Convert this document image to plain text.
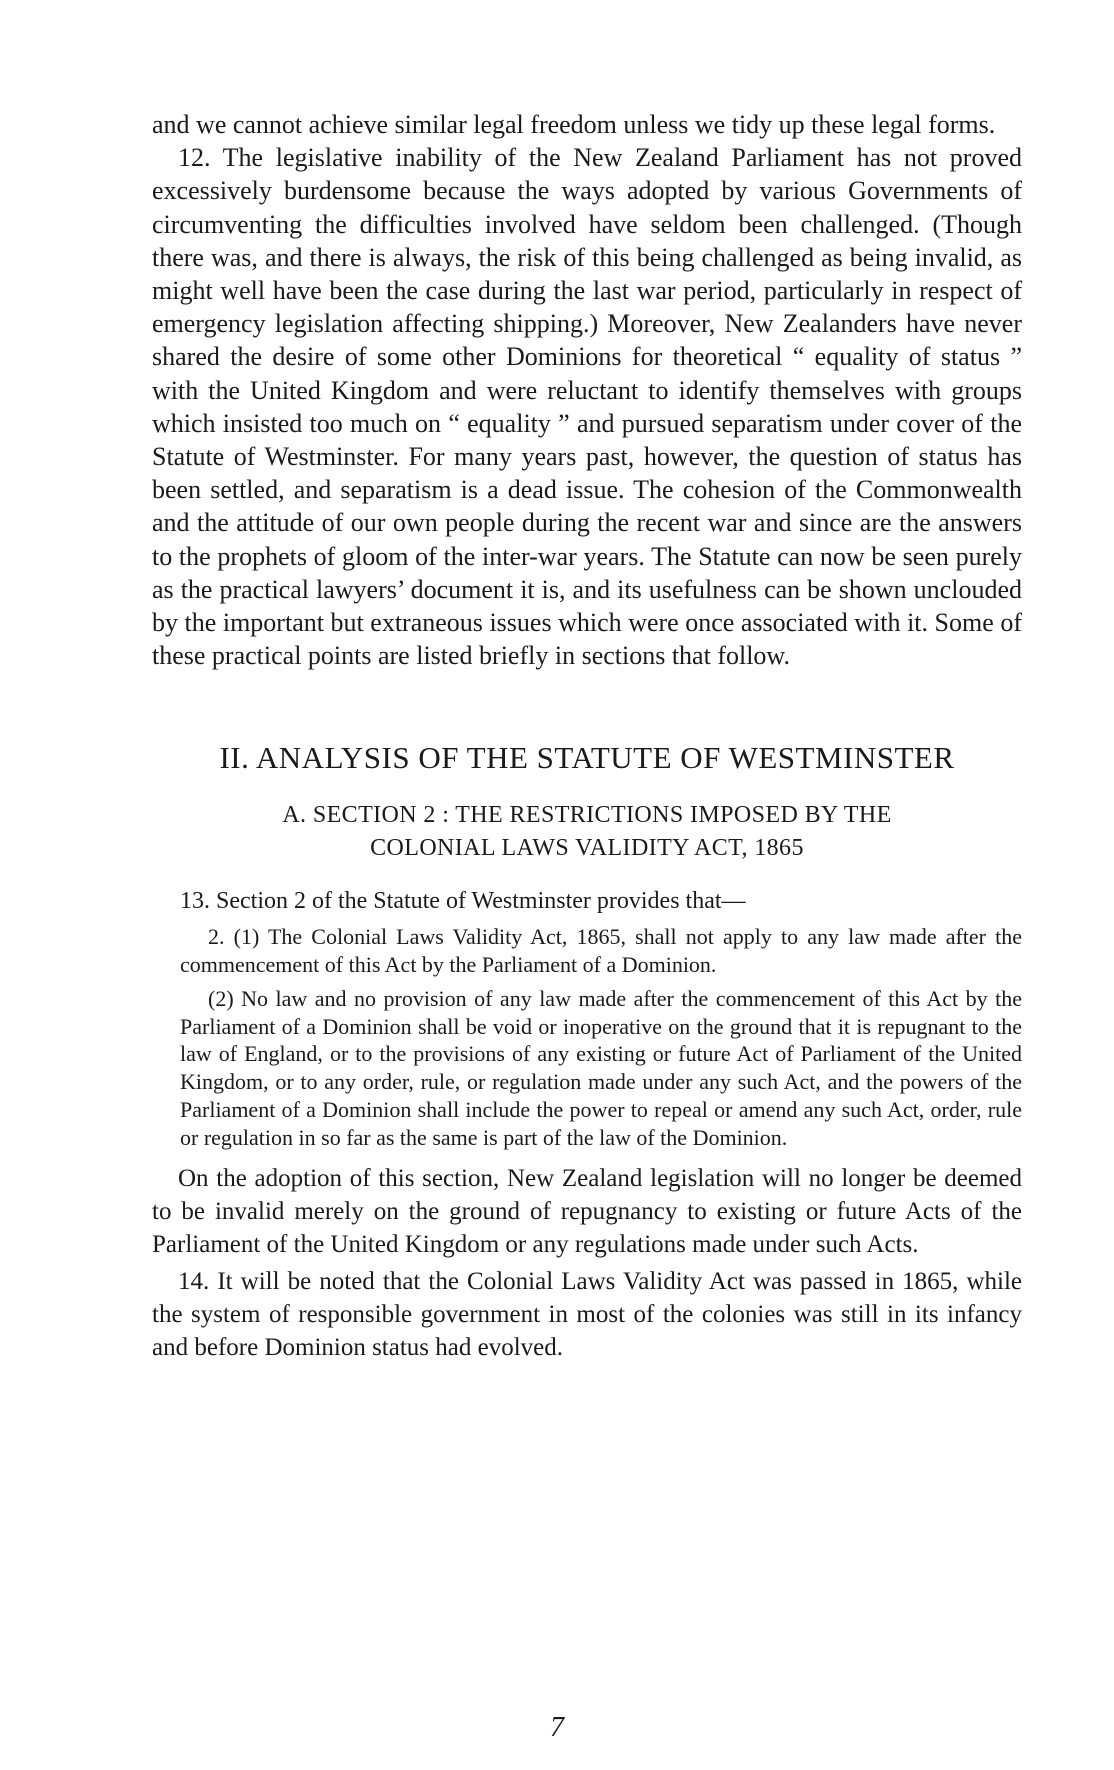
and we cannot achieve similar legal freedom unless we tidy up these legal forms.

12. The legislative inability of the New Zealand Parliament has not proved excessively burdensome because the ways adopted by various Governments of circumventing the difficulties involved have seldom been challenged. (Though there was, and there is always, the risk of this being challenged as being invalid, as might well have been the case during the last war period, particularly in respect of emergency legislation affecting shipping.) Moreover, New Zealanders have never shared the desire of some other Dominions for theoretical “ equality of status ” with the United Kingdom and were reluctant to identify themselves with groups which insisted too much on “ equality ” and pursued separatism under cover of the Statute of Westminster. For many years past, however, the question of status has been settled, and separatism is a dead issue. The cohesion of the Commonwealth and the attitude of our own people during the recent war and since are the answers to the prophets of gloom of the inter-war years. The Statute can now be seen purely as the practical lawyers’ document it is, and its usefulness can be shown unclouded by the important but extraneous issues which were once associated with it. Some of these practical points are listed briefly in sections that follow.

II. ANALYSIS OF THE STATUTE OF WESTMINSTER
A. SECTION 2 : THE RESTRICTIONS IMPOSED BY THE
COLONIAL LAWS VALIDITY ACT, 1865

13. Section 2 of the Statute of Westminster provides that—

2. (1) The Colonial Laws Validity Act, 1865, shall not apply to any law made after the commencement of this Act by the Parliament of a Dominion.

(2) No law and no provision of any law made after the commencement of this Act by the Parliament of a Dominion shall be void or inoperative on the ground that it is repugnant to the law of England, or to the provisions of any existing or future Act of Parliament of the United Kingdom, or to any order, rule, or regulation made under any such Act, and the powers of the Parliament of a Dominion shall include the power to repeal or amend any such Act, order, rule or regulation in so far as the same is part of the law of the Dominion.

On the adoption of this section, New Zealand legislation will no longer be deemed to be invalid merely on the ground of repugnancy to existing or future Acts of the Parliament of the United Kingdom or any regulations made under such Acts.

14. It will be noted that the Colonial Laws Validity Act was passed in 1865, while the system of responsible government in most of the colonies was still in its infancy and before Dominion status had evolved.

7
